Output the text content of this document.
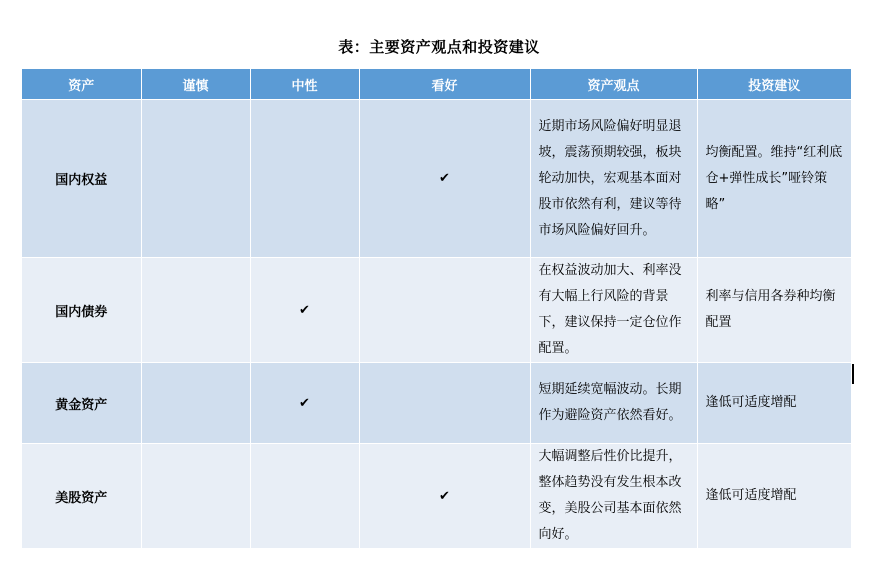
表：主要资产观点和投资建议
资产	谨慎	中性	看好	资产观点	投资建议
国内权益			✔	近期市场风险偏好明显退坡，震荡预期较强，板块轮动加快，宏观基本面对股市依然有利，建议等待市场风险偏好回升。	均衡配置。维持“红利底仓+弹性成长”哑铃策略”
国内债券		✔		在权益波动加大、利率没有大幅上行风险的背景下，建议保持一定仓位作配置。	利率与信用各券种均衡配置
黄金资产		✔		短期延续宽幅波动。长期作为避险资产依然看好。	逢低可适度增配
美股资产			✔	大幅调整后性价比提升，整体趋势没有发生根本改变，美股公司基本面依然向好。	逢低可适度增配
